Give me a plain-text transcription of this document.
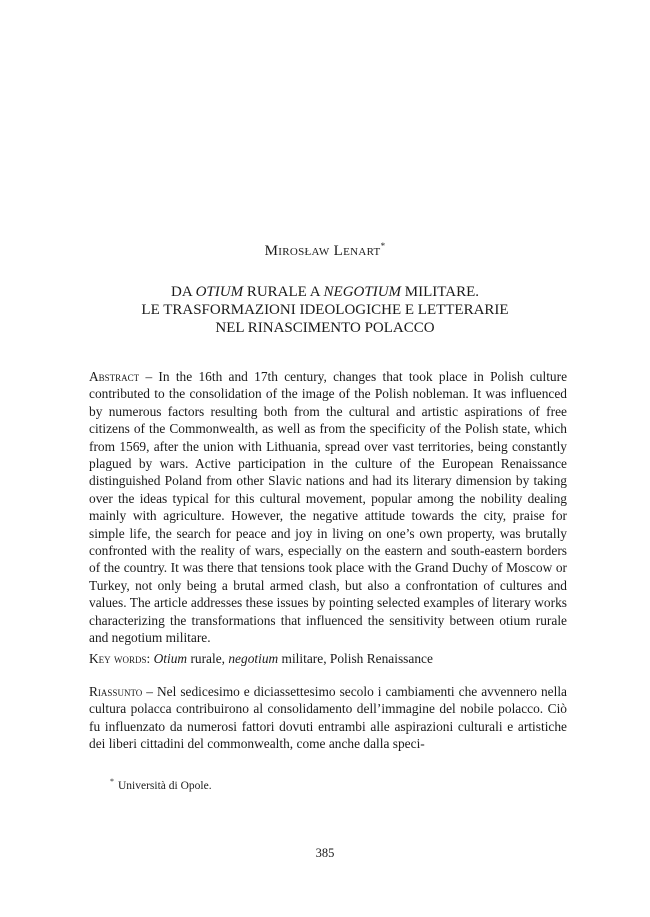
Mirosław Lenart*
DA OTIUM RURALE A NEGOTIUM MILITARE.
LE TRASFORMAZIONI IDEOLOGICHE E LETTERARIE
NEL RINASCIMENTO POLACCO
Abstract – In the 16th and 17th century, changes that took place in Polish culture contributed to the consolidation of the image of the Polish nobleman. It was influenced by numerous factors resulting both from the cultural and artistic aspirations of free citizens of the Commonwealth, as well as from the specificity of the Polish state, which from 1569, after the union with Lithuania, spread over vast territories, being constantly plagued by wars. Active participation in the culture of the European Renaissance distinguished Poland from other Slavic nations and had its literary dimension by taking over the ideas typical for this cultural movement, popular among the nobility dealing mainly with agriculture. However, the negative attitude towards the city, praise for simple life, the search for peace and joy in living on one’s own property, was brutally confronted with the reality of wars, especially on the eastern and south-eastern borders of the country. It was there that tensions took place with the Grand Duchy of Moscow or Turkey, not only being a brutal armed clash, but also a confrontation of cultures and values. The article addresses these issues by pointing selected examples of literary works characterizing the transformations that influenced the sensitivity between otium rurale and negotium militare.
Key words: Otium rurale, negotium militare, Polish Renaissance
Riassunto – Nel sedicesimo e diciassettesimo secolo i cambiamenti che avvennero nella cultura polacca contribuirono al consolidamento dell’immagine del nobile polacco. Ciò fu influenzato da numerosi fattori dovuti entrambi alle aspirazioni culturali e artistiche dei liberi cittadini del commonwealth, come anche dalla speci-
* Università di Opole.
385
